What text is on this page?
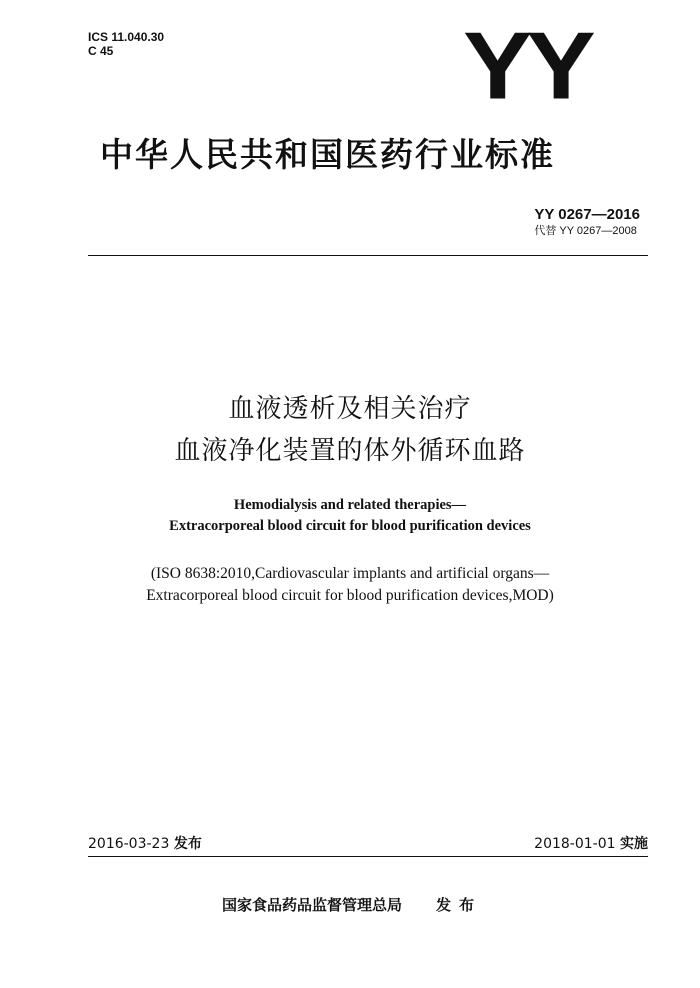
ICS 11.040.30
C 45	YY
中华人民共和国医药行业标准
YY 0267—2016
代替 YY 0267—2008
血液透析及相关治疗
血液净化装置的体外循环血路
Hemodialysis and related therapies—
Extracorporeal blood circuit for blood purification devices
(ISO 8638:2010,Cardiovascular implants and artificial organs—
Extracorporeal blood circuit for blood purification devices,MOD)
2016-03-23 发布	2018-01-01 实施
国家食品药品监督管理总局 发布
